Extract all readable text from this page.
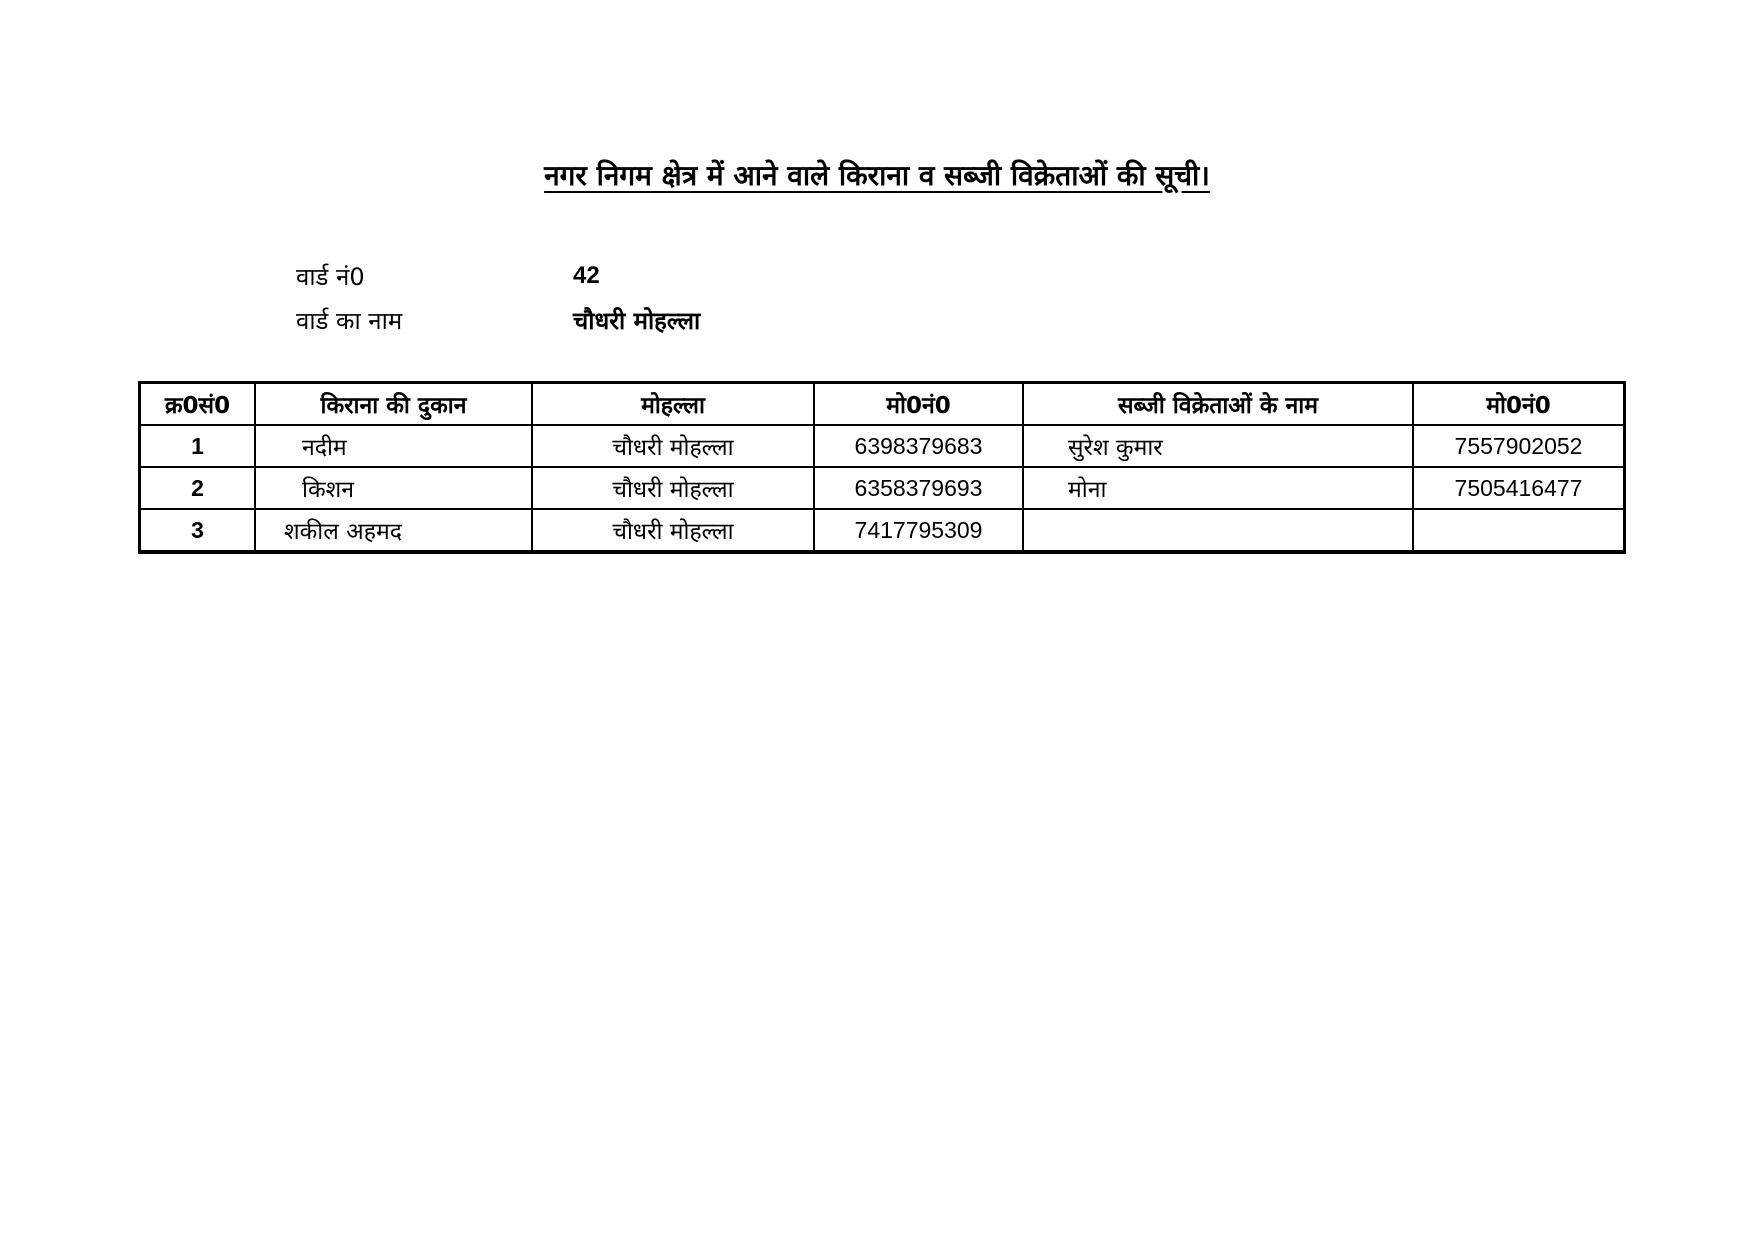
नगर निगम क्षेत्र में आने वाले किराना व सब्जी विक्रेताओं की सूची।
वार्ड नं0	42
वार्ड का नाम	चौधरी मोहल्ला
क्र0सं0	किराना की दुकान	मोहल्ला	मो0नं0	सब्जी विक्रेताओं के नाम	मो0नं0
1	नदीम	चौधरी मोहल्ला	6398379683	सुरेश कुमार	7557902052
2	किशन	चौधरी मोहल्ला	6358379693	मोना	7505416477
3	शकील अहमद	चौधरी मोहल्ला	7417795309		
